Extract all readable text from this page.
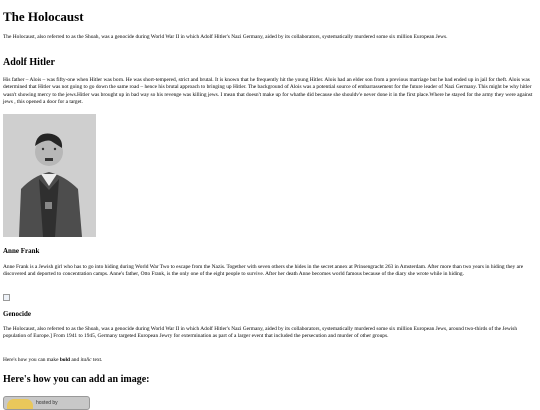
The Holocaust

The Holocaust, also referred to as the Shoah, was a genocide during World War II in which Adolf Hitler's Nazi Germany, aided by its collaborators, systematically murdered some six million European Jews.

Adolf Hitler

His father – Alois – was fifty-one when Hitler was born. He was short-tempered, strict and brutal. It is known that he frequently hit the young Hitler. Alois had an elder son from a previous marriage but he bad ended up in jail for theft. Alois was determined that Hitler was not going to go down the same road – hence his brutal approach to bringing up Hitler. The background of Alois was a potential source of embarrassement for the future leader of Nazi Germany. This might be why hitler wasn't showing mercy to the jews.Hitler was brought up in bad way so his revenge was killing jews. I mean that doesn't make up for whathe did because she shouldv'e never done it in the first place.Where he stayed for the army they were against jews , this opened a door for a target.

Anne Frank

Anne Frank is a Jewish girl who has to go into hiding during World War Two to escape from the Nazis. Together with seven others she hides in the secret annex at Prinsengracht 263 in Amsterdam. After more than two years in hiding they are discovered and deported to concentration camps. Anne's father, Otto Frank, is the only one of the eight people to survive. After her death Anne becomes world famous because of the diary she wrote while in hiding.

Genocide

The Holocaust, also referred to as the Shoah, was a genocide during World War II in which Adolf Hitler's Nazi Germany, aided by its collaborators, systematically murdered some six million European Jews, around two-thirds of the Jewish population of Europe.] From 1941 to 1945, Germany targeted European Jewry for extermination as part of a larger event that included the persecution and murder of other groups.

Here's how you can make bold and italic text.

Here's how you can add an image:
hosted by
